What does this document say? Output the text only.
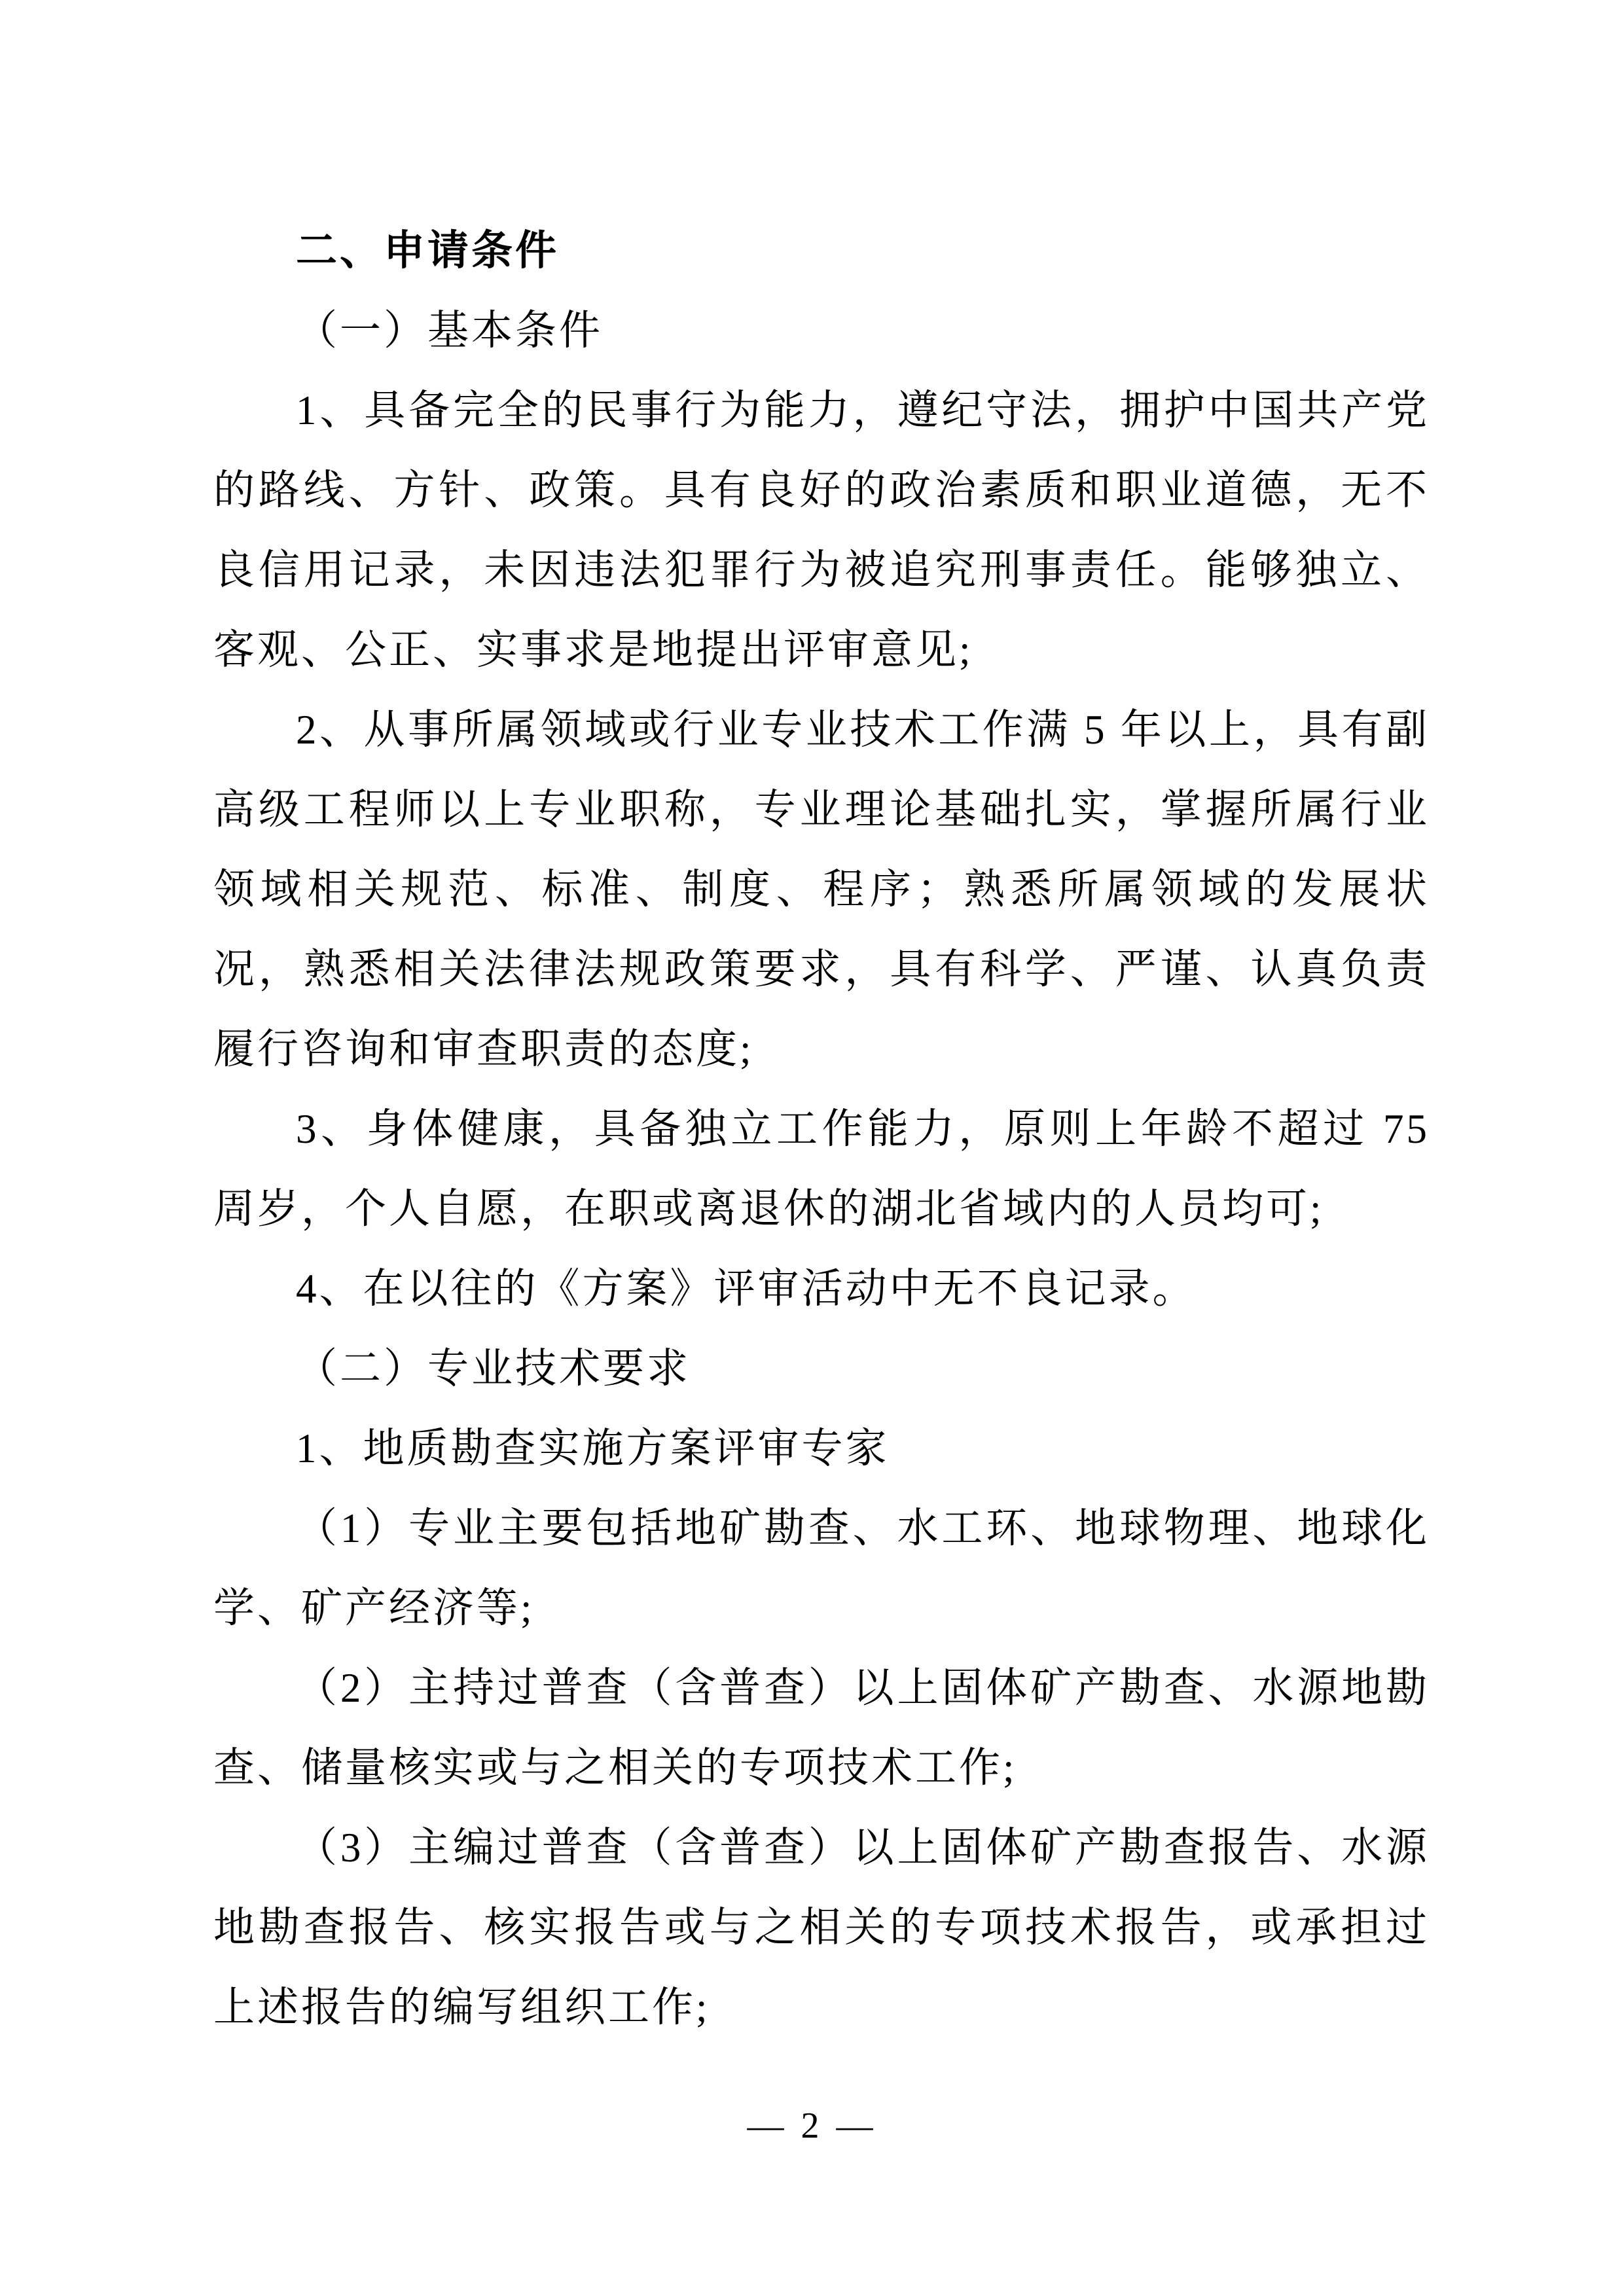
二、申请条件

（一）基本条件

1、具备完全的民事行为能力，遵纪守法，拥护中国共产党的路线、方针、政策。具有良好的政治素质和职业道德，无不良信用记录，未因违法犯罪行为被追究刑事责任。能够独立、客观、公正、实事求是地提出评审意见;

2、从事所属领域或行业专业技术工作满 5 年以上，具有副高级工程师以上专业职称，专业理论基础扎实，掌握所属行业领域相关规范、标准、制度、程序；熟悉所属领域的发展状况，熟悉相关法律法规政策要求，具有科学、严谨、认真负责履行咨询和审查职责的态度;

3、身体健康，具备独立工作能力，原则上年龄不超过 75 周岁，个人自愿，在职或离退休的湖北省域内的人员均可;

4、在以往的《方案》评审活动中无不良记录。

（二）专业技术要求

1、地质勘查实施方案评审专家

（1）专业主要包括地矿勘查、水工环、地球物理、地球化学、矿产经济等;

（2）主持过普查（含普查）以上固体矿产勘查、水源地勘查、储量核实或与之相关的专项技术工作;

（3）主编过普查（含普查）以上固体矿产勘查报告、水源地勘查报告、核实报告或与之相关的专项技术报告，或承担过上述报告的编写组织工作;

— 2 —
